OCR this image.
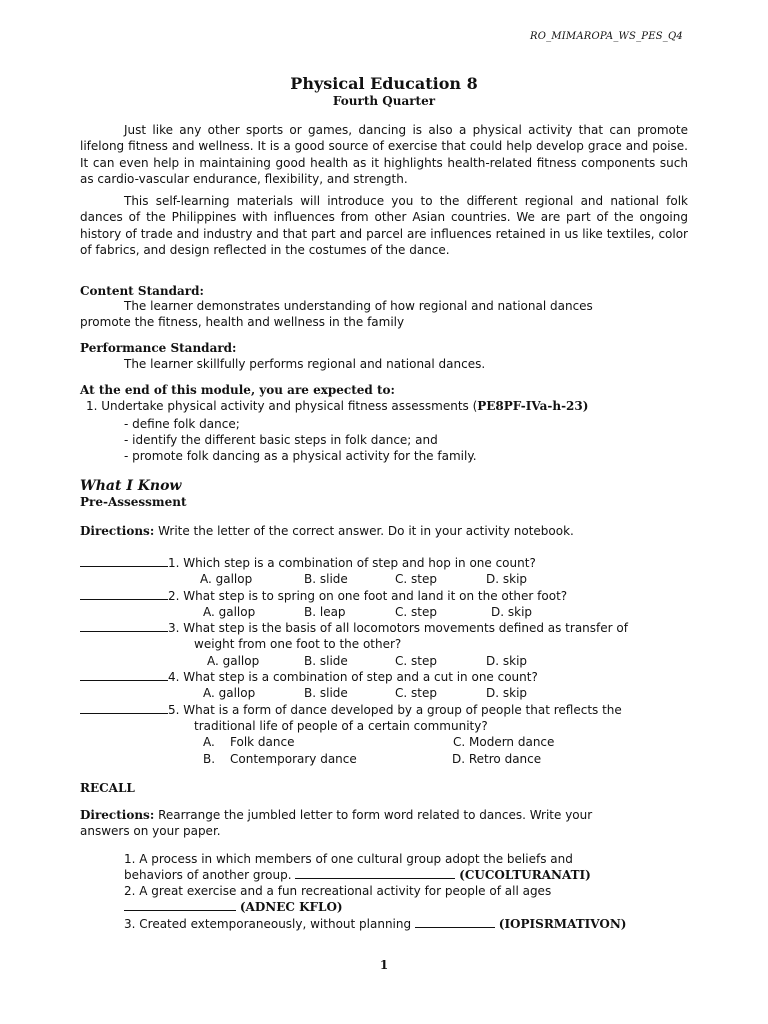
RO_MIMAROPA_WS_PES_Q4
Physical Education 8
Fourth Quarter
Just like any other sports or games, dancing is also a physical activity that can promote lifelong fitness and wellness. It is a good source of exercise that could help develop grace and poise. It can even help in maintaining good health as it highlights health-related fitness components such as cardio-vascular endurance, flexibility, and strength.
This self-learning materials will introduce you to the different regional and national folk dances of the Philippines with influences from other Asian countries. We are part of the ongoing history of trade and industry and that part and parcel are influences retained in us like textiles, color of fabrics, and design reflected in the costumes of the dance.
Content Standard:
The learner demonstrates understanding of how regional and national dances
promote the fitness, health and wellness in the family
Performance Standard:
The learner skillfully performs regional and national dances.
At the end of this module, you are expected to:
1. Undertake physical activity and physical fitness assessments (PE8PF-IVa-h-23)
- define folk dance;
- identify the different basic steps in folk dance; and
- promote folk dancing as a physical activity for the family.
What I Know
Pre-Assessment
Directions: Write the letter of the correct answer. Do it in your activity notebook.
1. Which step is a combination of step and hop in one count?
A. gallop	B. slide	C. step	D. skip
2. What step is to spring on one foot and land it on the other foot?
A. gallop	B. leap	C. step	D. skip
3. What step is the basis of all locomotors movements defined as transfer of
weight from one foot to the other?
A. gallop	B. slide	C. step	D. skip
4. What step is a combination of step and a cut in one count?
A. gallop	B. slide	C. step	D. skip
5. What is a form of dance developed by a group of people that reflects the
traditional life of people of a certain community?
A. Folk dance	C. Modern dance
B. Contemporary dance	D. Retro dance
RECALL
Directions: Rearrange the jumbled letter to form word related to dances. Write your
answers on your paper.
1. A process in which members of one cultural group adopt the beliefs and
behaviors of another group.	(CUCOLTURANATI)
2. A great exercise and a fun recreational activity for people of all ages
(ADNEC KFLO)
3. Created extemporaneously, without planning	(IOPISRMATIVON)
1
